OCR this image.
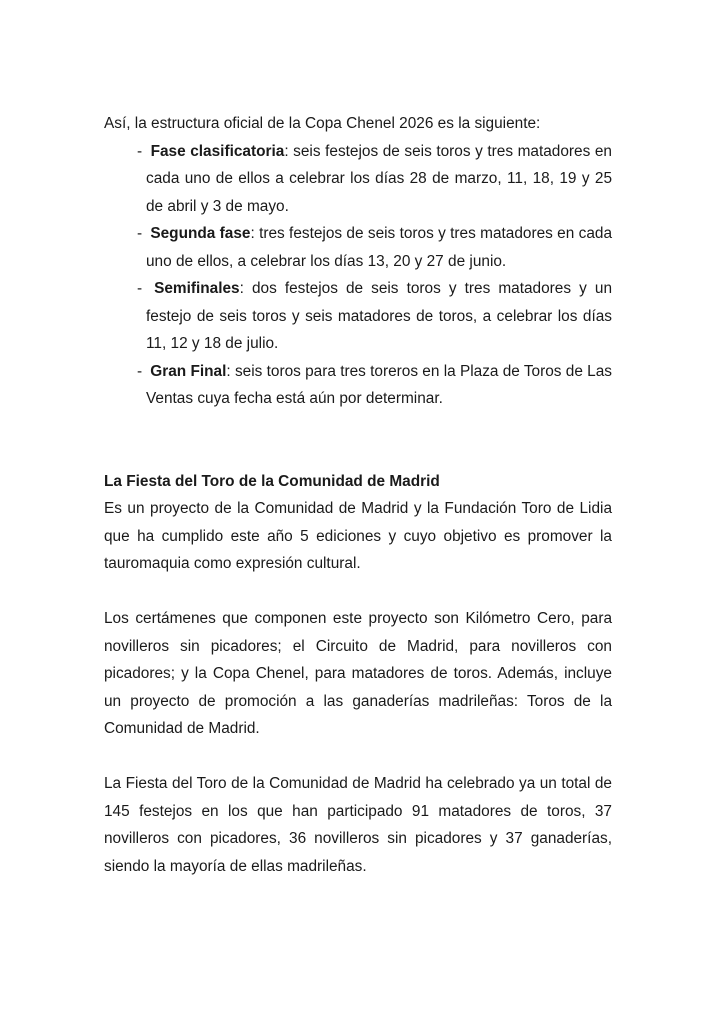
Así, la estructura oficial de la Copa Chenel 2026 es la siguiente:

- Fase clasificatoria: seis festejos de seis toros y tres matadores en cada uno de ellos a celebrar los días 28 de marzo, 11, 18, 19 y 25 de abril y 3 de mayo.
- Segunda fase: tres festejos de seis toros y tres matadores en cada uno de ellos, a celebrar los días 13, 20 y 27 de junio.
- Semifinales: dos festejos de seis toros y tres matadores y un festejo de seis toros y seis matadores de toros, a celebrar los días 11, 12 y 18 de julio.
- Gran Final: seis toros para tres toreros en la Plaza de Toros de Las Ventas cuya fecha está aún por determinar.

La Fiesta del Toro de la Comunidad de Madrid

Es un proyecto de la Comunidad de Madrid y la Fundación Toro de Lidia que ha cumplido este año 5 ediciones y cuyo objetivo es promover la tauromaquia como expresión cultural.

Los certámenes que componen este proyecto son Kilómetro Cero, para novilleros sin picadores; el Circuito de Madrid, para novilleros con picadores; y la Copa Chenel, para matadores de toros. Además, incluye un proyecto de promoción a las ganaderías madrileñas: Toros de la Comunidad de Madrid.

La Fiesta del Toro de la Comunidad de Madrid ha celebrado ya un total de 145 festejos en los que han participado 91 matadores de toros, 37 novilleros con picadores, 36 novilleros sin picadores y 37 ganaderías, siendo la mayoría de ellas madrileñas.
